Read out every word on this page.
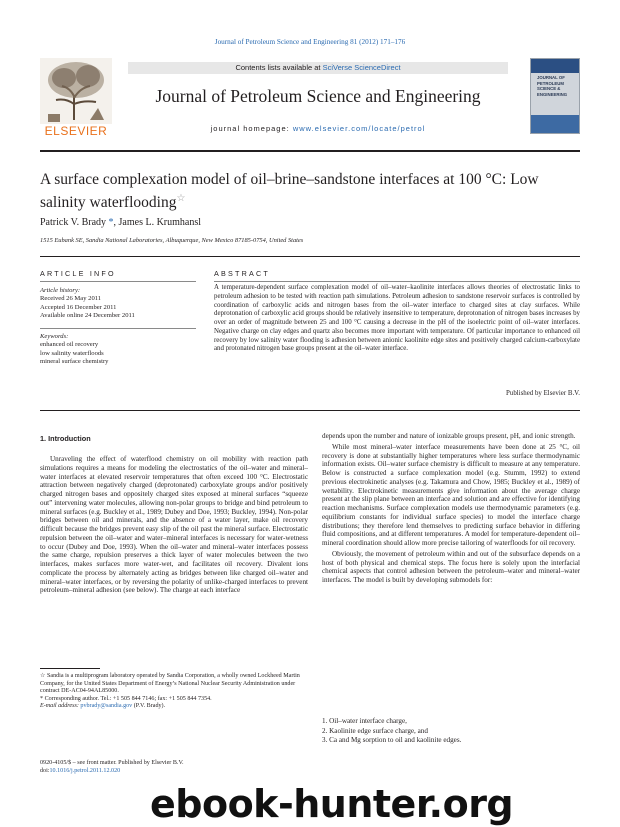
Journal of Petroleum Science and Engineering 81 (2012) 171–176
ELSEVIER
Contents lists available at SciVerse ScienceDirect
Journal of Petroleum Science and Engineering
journal homepage: www.elsevier.com/locate/petrol
JOURNAL OF PETROLEUM SCIENCE & ENGINEERING
A surface complexation model of oil–brine–sandstone interfaces at 100 °C: Low
salinity waterflooding☆
Patrick V. Brady *, James L. Krumhansl
1515 Eubank SE, Sandia National Laboratories, Albuquerque, New Mexico 87185-0754, United States
ARTICLE INFO	ABSTRACT
Article history:
Received 26 May 2011
Accepted 16 December 2011
Available online 24 December 2011
Keywords:
enhanced oil recovery
low salinity waterfloods
mineral surface chemistry
A temperature-dependent surface complexation model of oil–water–kaolinite interfaces allows theories of electrostatic links to petroleum adhesion to be tested with reaction path simulations. Petroleum adhesion to sandstone reservoir surfaces is controlled by coordination of carboxylic acids and nitrogen bases from the oil–water interface to charged sites at clay surfaces. While deprotonation of carboxylic acid groups should be relatively insensitive to temperature, deprotonation of nitrogen bases increases by over an order of magnitude between 25 and 100 °C causing a decrease in the pH of the isoelectric point of oil–water interfaces. Negative charge on clay edges and quartz also becomes more important with temperature. Of particular importance to enhanced oil recovery by low salinity water flooding is adhesion between anionic kaolinite edge sites and positively charged calcium-carboxylate and protonated nitrogen base groups present at the oil–water interface.
Published by Elsevier B.V.
1. Introduction

Unraveling the effect of waterflood chemistry on oil mobility with reaction path simulations requires a means for modeling the electrostatics of the oil–water and mineral–water interfaces at elevated reservoir temperatures that often exceed 100 °C. Electrostatic attraction between negatively charged (deprotonated) carboxylate groups and/or positively charged nitrogen bases and oppositely charged sites exposed at mineral surfaces “squeeze out” intervening water molecules, allowing non-polar groups to bridge and bind petroleum to mineral surfaces (e.g. Buckley et al., 1989; Dubey and Doe, 1993; Buckley, 1994). Non-polar bridges between oil and minerals, and the absence of a water layer, make oil recovery difficult because the bridges prevent easy slip of the oil past the mineral surface. Electrostatic repulsion between the oil–water and water–mineral interfaces is necessary for water-wetness to occur (Dubey and Doe, 1993). When the oil–water and mineral–water interfaces possess the same charge, repulsion preserves a thick layer of water molecules between the two interfaces, makes surfaces more water-wet, and facilitates oil recovery. Divalent ions complicate the process by alternately acting as bridges between like charged oil–water and mineral–water interfaces, or by reversing the polarity of unlike-charged interfaces to prevent petroleum–mineral adhesion (see below). The charge at each interface

depends upon the number and nature of ionizable groups present, pH, and ionic strength.

While most mineral–water interface measurements have been done at 25 °C, oil recovery is done at substantially higher temperatures where less surface thermodynamic information exists. Oil–water surface chemistry is difficult to measure at any temperature. Below is constructed a surface complexation model (e.g. Stumm, 1992) to extend previous electrokinetic analyses (e.g. Takamura and Chow, 1985; Buckley et al., 1989) of wettability. Electrokinetic measurements give information about the average charge present at the slip plane between an interface and solution and are effective for identifying reaction mechanisms. Surface complexation models use thermodynamic parameters (e.g. equilibrium constants for individual surface species) to model the interface charge distributions; they therefore lend themselves to predicting surface behavior in differing fluid compositions, and at different temperatures. A model for temperature-dependent oil–mineral coordination should allow more precise tailoring of waterfloods for oil recovery.

Obviously, the movement of petroleum within and out of the subsurface depends on a host of both physical and chemical steps. The focus here is solely upon the interfacial chemical aspects that control adhesion between the petroleum–water and mineral–water interfaces. The model is built by developing submodels for:

1. Oil–water interface charge,
2. Kaolinite edge surface charge, and
3. Ca and Mg sorption to oil and kaolinite edges.
☆ Sandia is a multiprogram laboratory operated by Sandia Corporation, a wholly owned Lockheed Martin Company, for the United States Department of Energy’s National Nuclear Security Administration under contract DE-AC04-94AL85000.
* Corresponding author. Tel.: +1 505 844 7146; fax: +1 505 844 7354.
E-mail address: pvbrady@sandia.gov (P.V. Brady).
0920-4105/$ – see front matter. Published by Elsevier B.V.
doi:10.1016/j.petrol.2011.12.020
ebook-hunter.org
